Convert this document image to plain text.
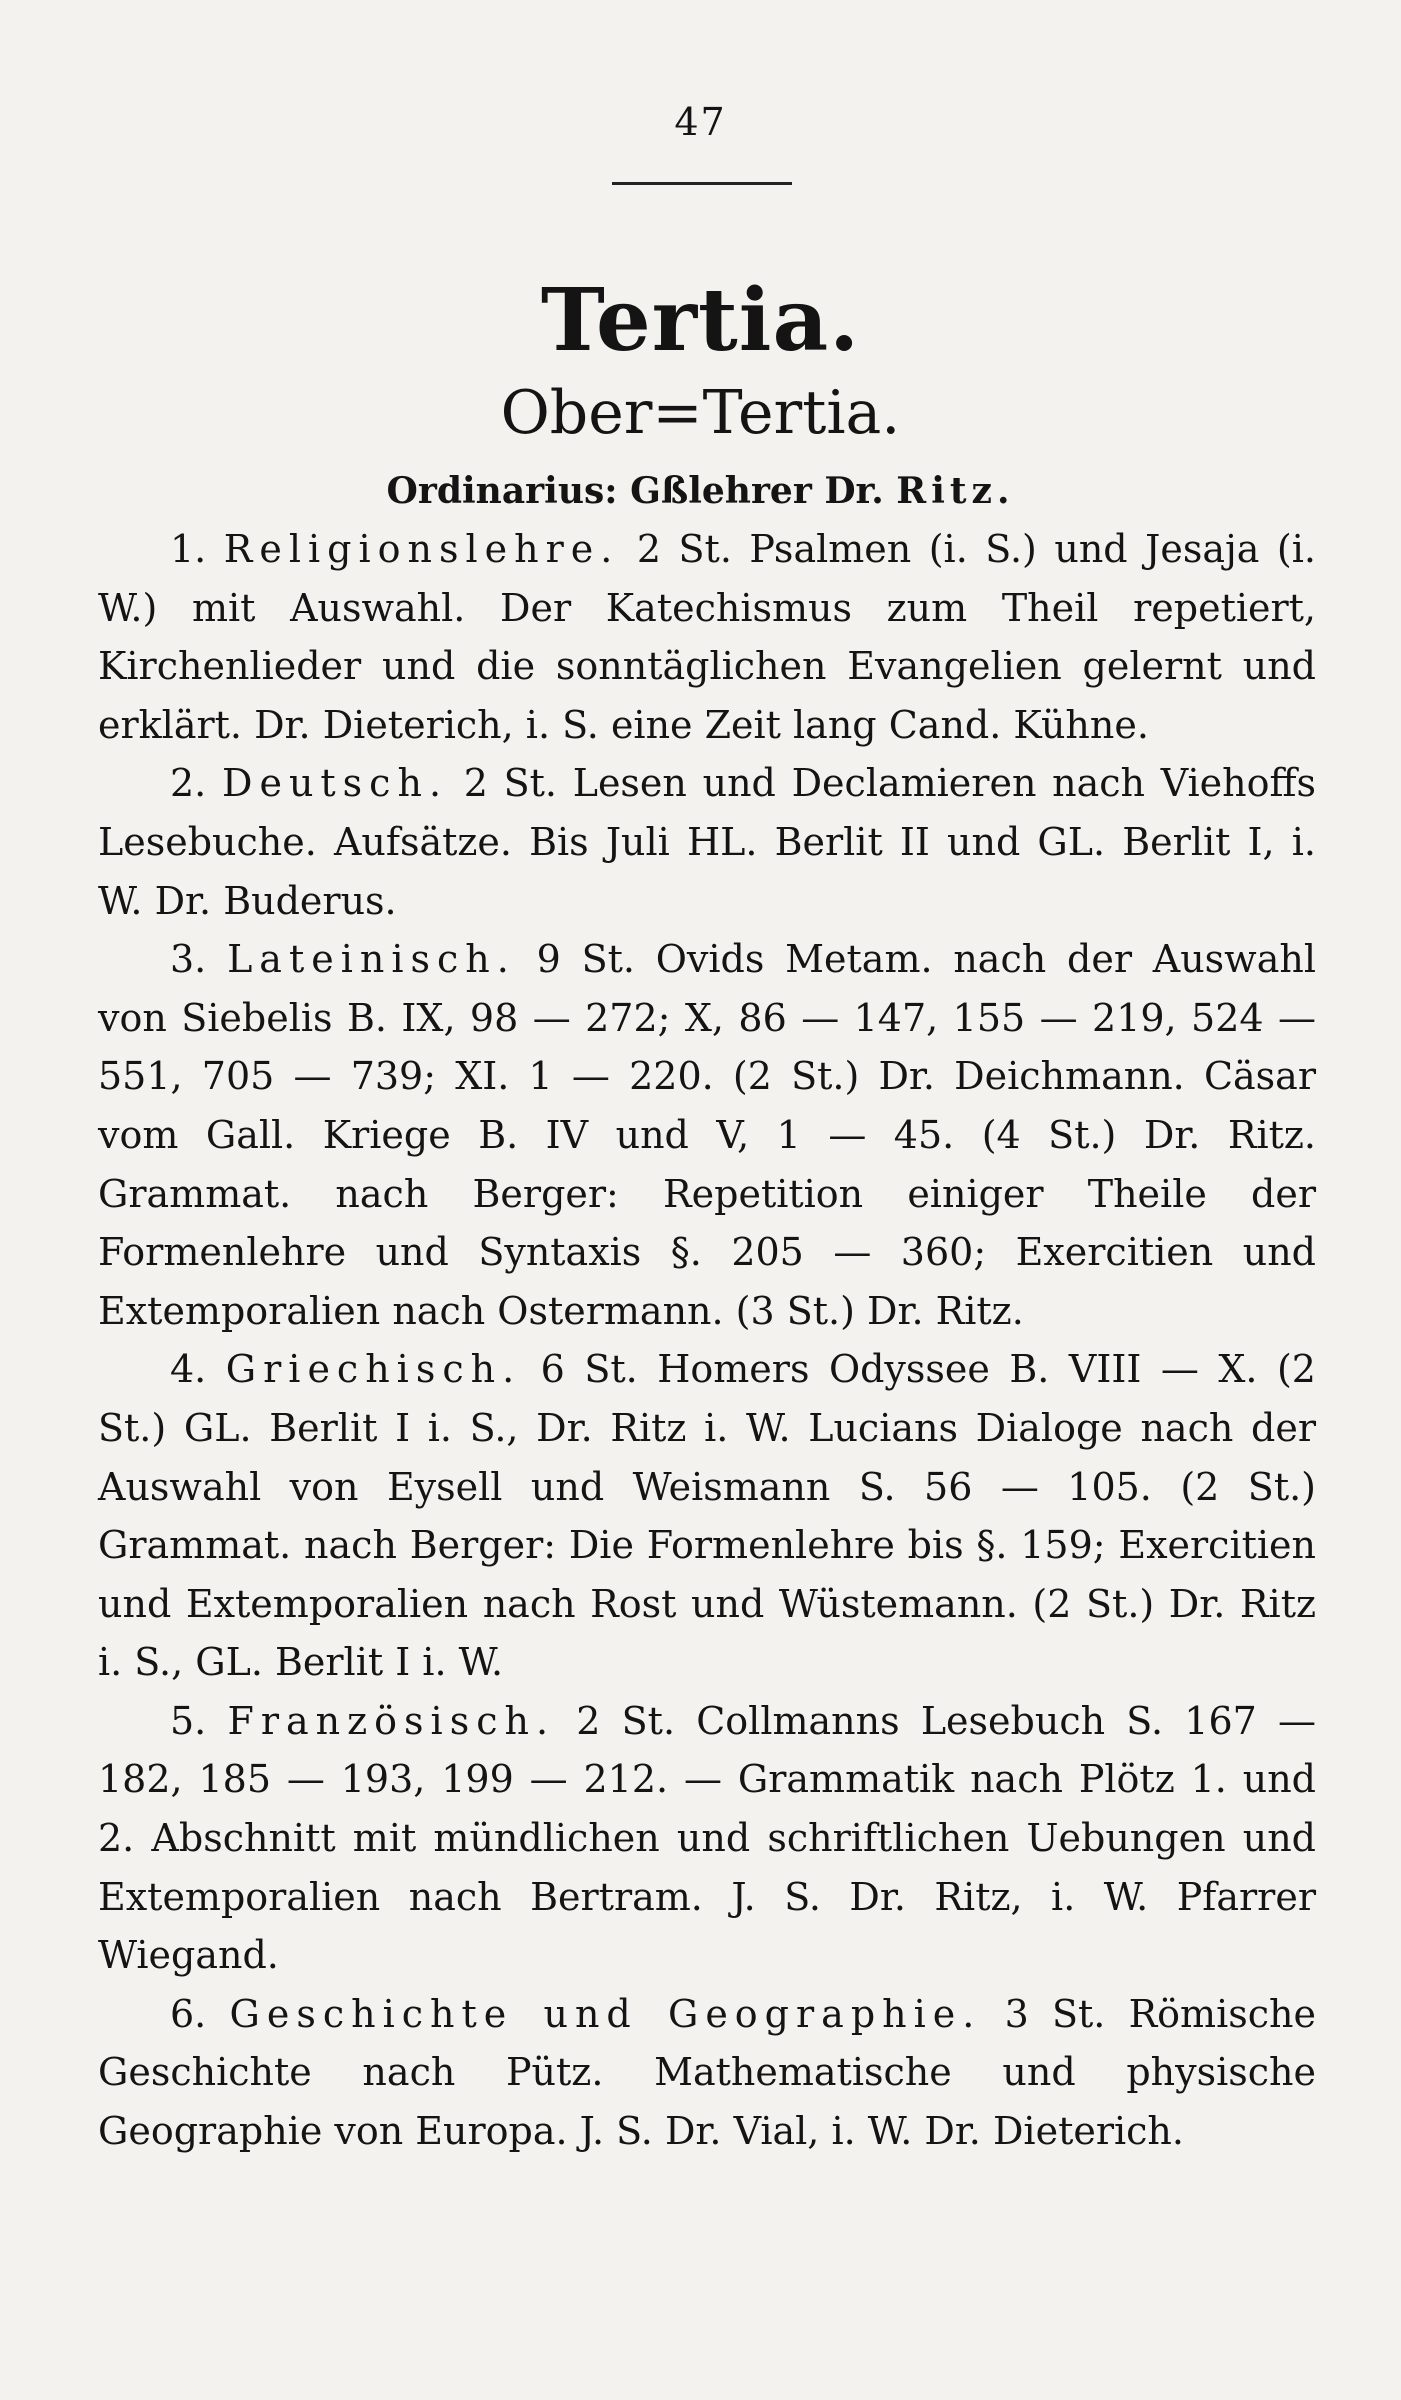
47
Tertia.
Ober=Tertia.
Ordinarius: Gßlehrer Dr. Ritz.

1. Religionslehre. 2 St. Psalmen (i. S.) und Jesaja (i. W.) mit Auswahl. Der Katechismus zum Theil repetiert, Kirchenlieder und die sonntäglichen Evangelien gelernt und erklärt. Dr. Dieterich, i. S. eine Zeit lang Cand. Kühne.

2. Deutsch. 2 St. Lesen und Declamieren nach Viehoffs Lesebuche. Aufsätze. Bis Juli HL. Berlit II und GL. Berlit I, i. W. Dr. Buderus.

3. Lateinisch. 9 St. Ovids Metam. nach der Auswahl von Siebelis B. IX, 98 — 272; X, 86 — 147, 155 — 219, 524 — 551, 705 — 739; XI. 1 — 220. (2 St.) Dr. Deichmann. Cäsar vom Gall. Kriege B. IV und V, 1 — 45. (4 St.) Dr. Ritz. Grammat. nach Berger: Repetition einiger Theile der Formenlehre und Syntaxis §. 205 — 360; Exercitien und Extemporalien nach Ostermann. (3 St.) Dr. Ritz.

4. Griechisch. 6 St. Homers Odyssee B. VIII — X. (2 St.) GL. Berlit I i. S., Dr. Ritz i. W. Lucians Dialoge nach der Auswahl von Eysell und Weismann S. 56 — 105. (2 St.) Grammat. nach Berger: Die Formenlehre bis §. 159; Exercitien und Extemporalien nach Rost und Wüstemann. (2 St.) Dr. Ritz i. S., GL. Berlit I i. W.

5. Französisch. 2 St. Collmanns Lesebuch S. 167 — 182, 185 — 193, 199 — 212. — Grammatik nach Plötz 1. und 2. Abschnitt mit mündlichen und schriftlichen Uebungen und Extemporalien nach Bertram. J. S. Dr. Ritz, i. W. Pfarrer Wiegand.

6. Geschichte und Geographie. 3 St. Römische Geschichte nach Pütz. Mathematische und physische Geographie von Europa. J. S. Dr. Vial, i. W. Dr. Dieterich.
